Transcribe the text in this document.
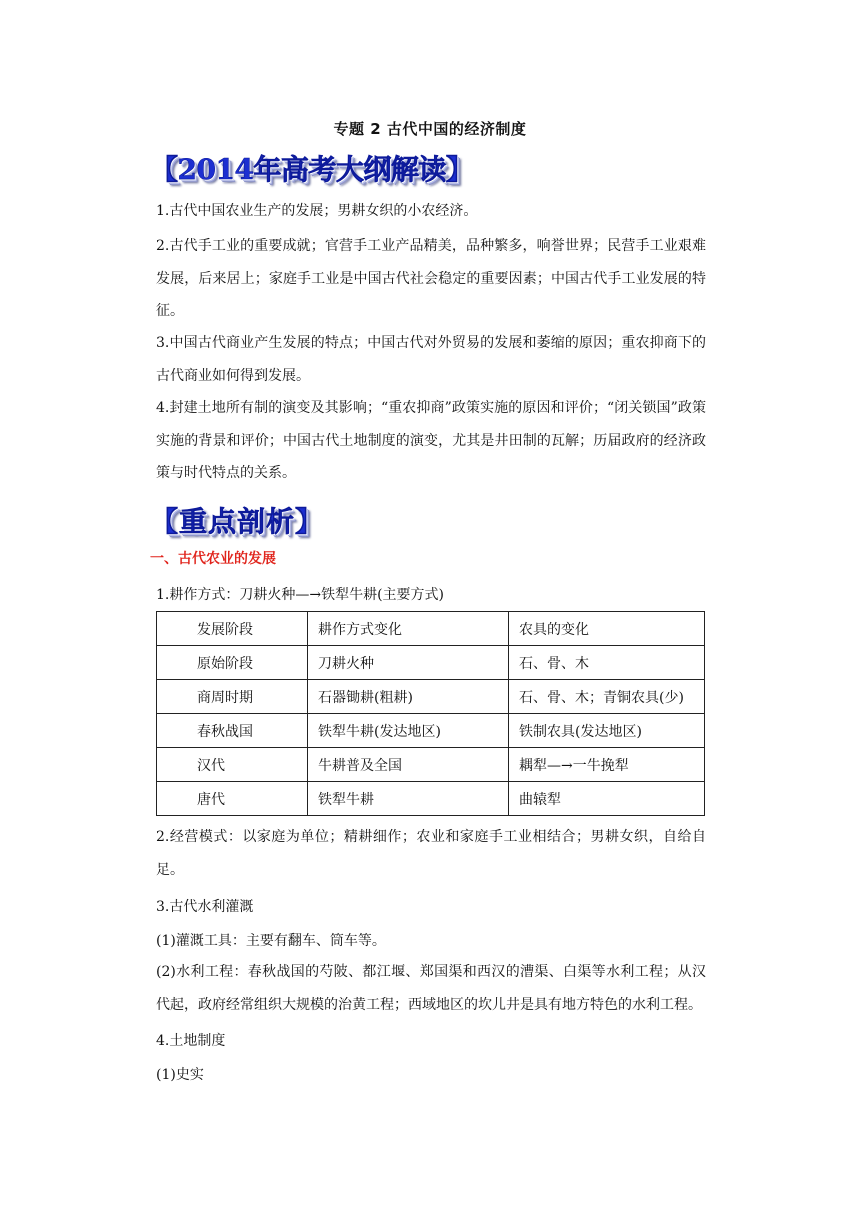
专题 2 古代中国的经济制度
【2014年高考大纲解读】
1.古代中国农业生产的发展；男耕女织的小农经济。
2.古代手工业的重要成就；官营手工业产品精美，品种繁多，响誉世界；民营手工业艰难发展，后来居上；家庭手工业是中国古代社会稳定的重要因素；中国古代手工业发展的特征。
3.中国古代商业产生发展的特点；中国古代对外贸易的发展和萎缩的原因；重农抑商下的古代商业如何得到发展。
4.封建土地所有制的演变及其影响；“重农抑商”政策实施的原因和评价；“闭关锁国”政策实施的背景和评价；中国古代土地制度的演变，尤其是井田制的瓦解；历届政府的经济政策与时代特点的关系。
【重点剖析】
一、古代农业的发展
1.耕作方式：刀耕火种—→铁犁牛耕(主要方式)
发展阶段	耕作方式变化	农具的变化
原始阶段	刀耕火种	石、骨、木
商周时期	石器锄耕(粗耕)	石、骨、木；青铜农具(少)
春秋战国	铁犁牛耕(发达地区)	铁制农具(发达地区)
汉代	牛耕普及全国	耦犁—→一牛挽犁
唐代	铁犁牛耕	曲辕犁
2.经营模式：以家庭为单位；精耕细作；农业和家庭手工业相结合；男耕女织，自给自足。
3.古代水利灌溉
(1)灌溉工具：主要有翻车、筒车等。
(2)水利工程：春秋战国的芍陂、都江堰、郑国渠和西汉的漕渠、白渠等水利工程；从汉代起，政府经常组织大规模的治黄工程；西域地区的坎儿井是具有地方特色的水利工程。
4.土地制度
(1)史实
